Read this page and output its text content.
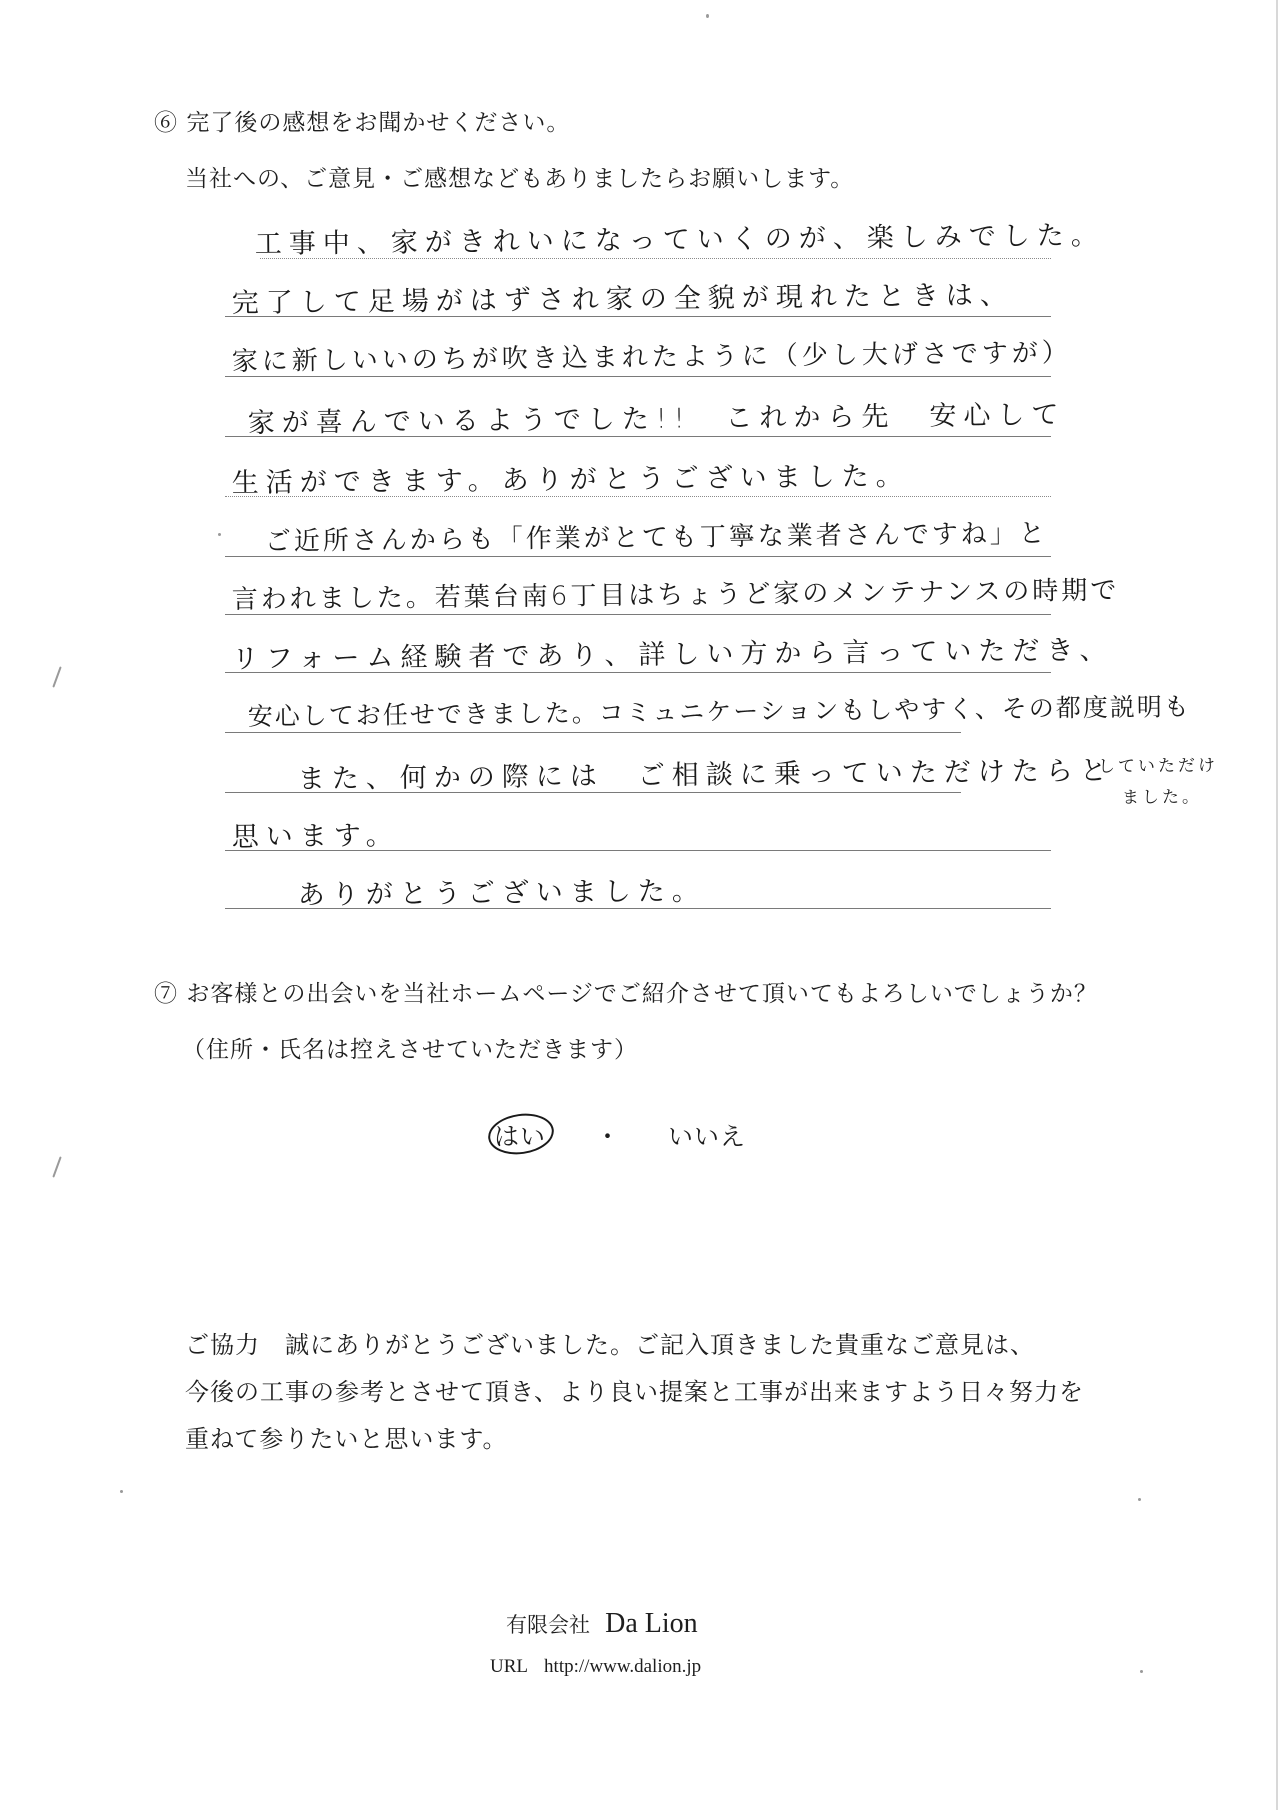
⑥ 完了後の感想をお聞かせください。
当社への、ご意見・ご感想などもありましたらお願いします。
工事中、家がきれいになっていくのが、楽しみでした。
完了して足場がはずされ家の全貌が現れたときは、
家に新しいいのちが吹き込まれたように（少し大げさですが）
家が喜んでいるようでした!!　これから先　安心して
生活ができます。ありがとうございました。
ご近所さんからも「作業がとても丁寧な業者さんですね」と
言われました。若葉台南6丁目はちょうど家のメンテナンスの時期で
リフォーム経験者であり、詳しい方から言っていただき、
安心してお任せできました。コミュニケーションもしやすく、その都度説明も
していただけ
ました。
また、何かの際には　ご相談に乗っていただけたらと
思います。
ありがとうございました。
⑦ お客様との出会いを当社ホームページでご紹介させて頂いてもよろしいでしょうか？
（住所・氏名は控えさせていただきます）
はい ・ いいえ
ご協力　誠にありがとうございました。ご記入頂きました貴重なご意見は、
今後の工事の参考とさせて頂き、より良い提案と工事が出来ますよう日々努力を
重ねて参りたいと思います。
有限会社 Da Lion
URL http://www.dalion.jp
